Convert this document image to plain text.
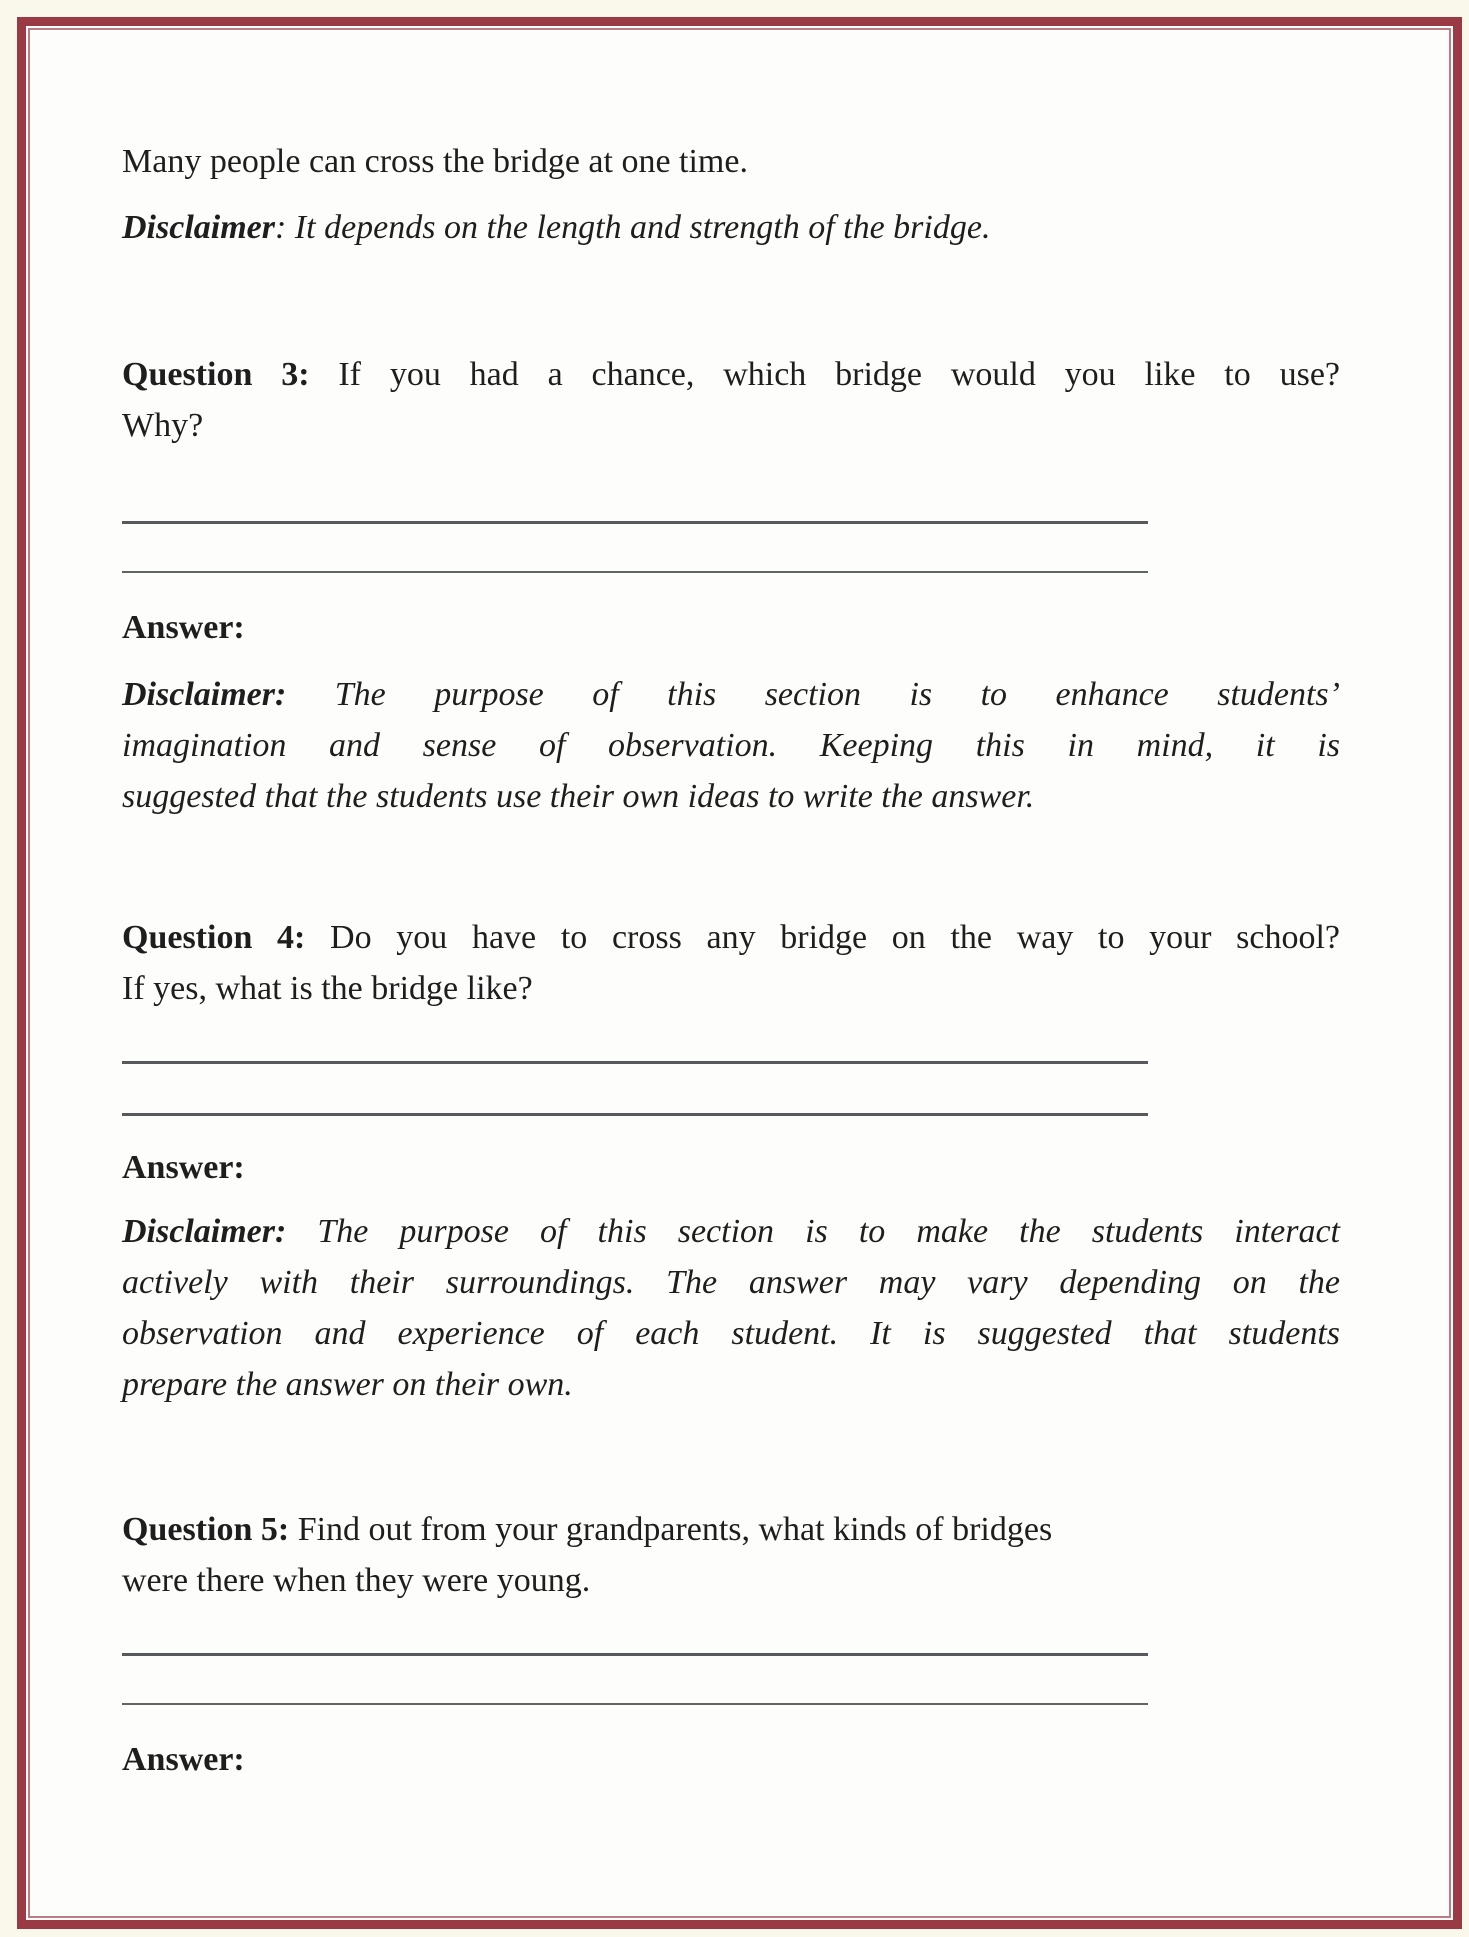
Many people can cross the bridge at one time.
Disclaimer: It depends on the length and strength of the bridge.
Question 3: If you had a chance, which bridge would you like to use?
Why?
Answer:
Disclaimer: The purpose of this section is to enhance students’
imagination and sense of observation. Keeping this in mind, it is
suggested that the students use their own ideas to write the answer.
Question 4: Do you have to cross any bridge on the way to your school?
If yes, what is the bridge like?
Answer:
Disclaimer: The purpose of this section is to make the students interact
actively with their surroundings. The answer may vary depending on the
observation and experience of each student. It is suggested that students
prepare the answer on their own.
Question 5: Find out from your grandparents, what kinds of bridges
were there when they were young.
Answer:
